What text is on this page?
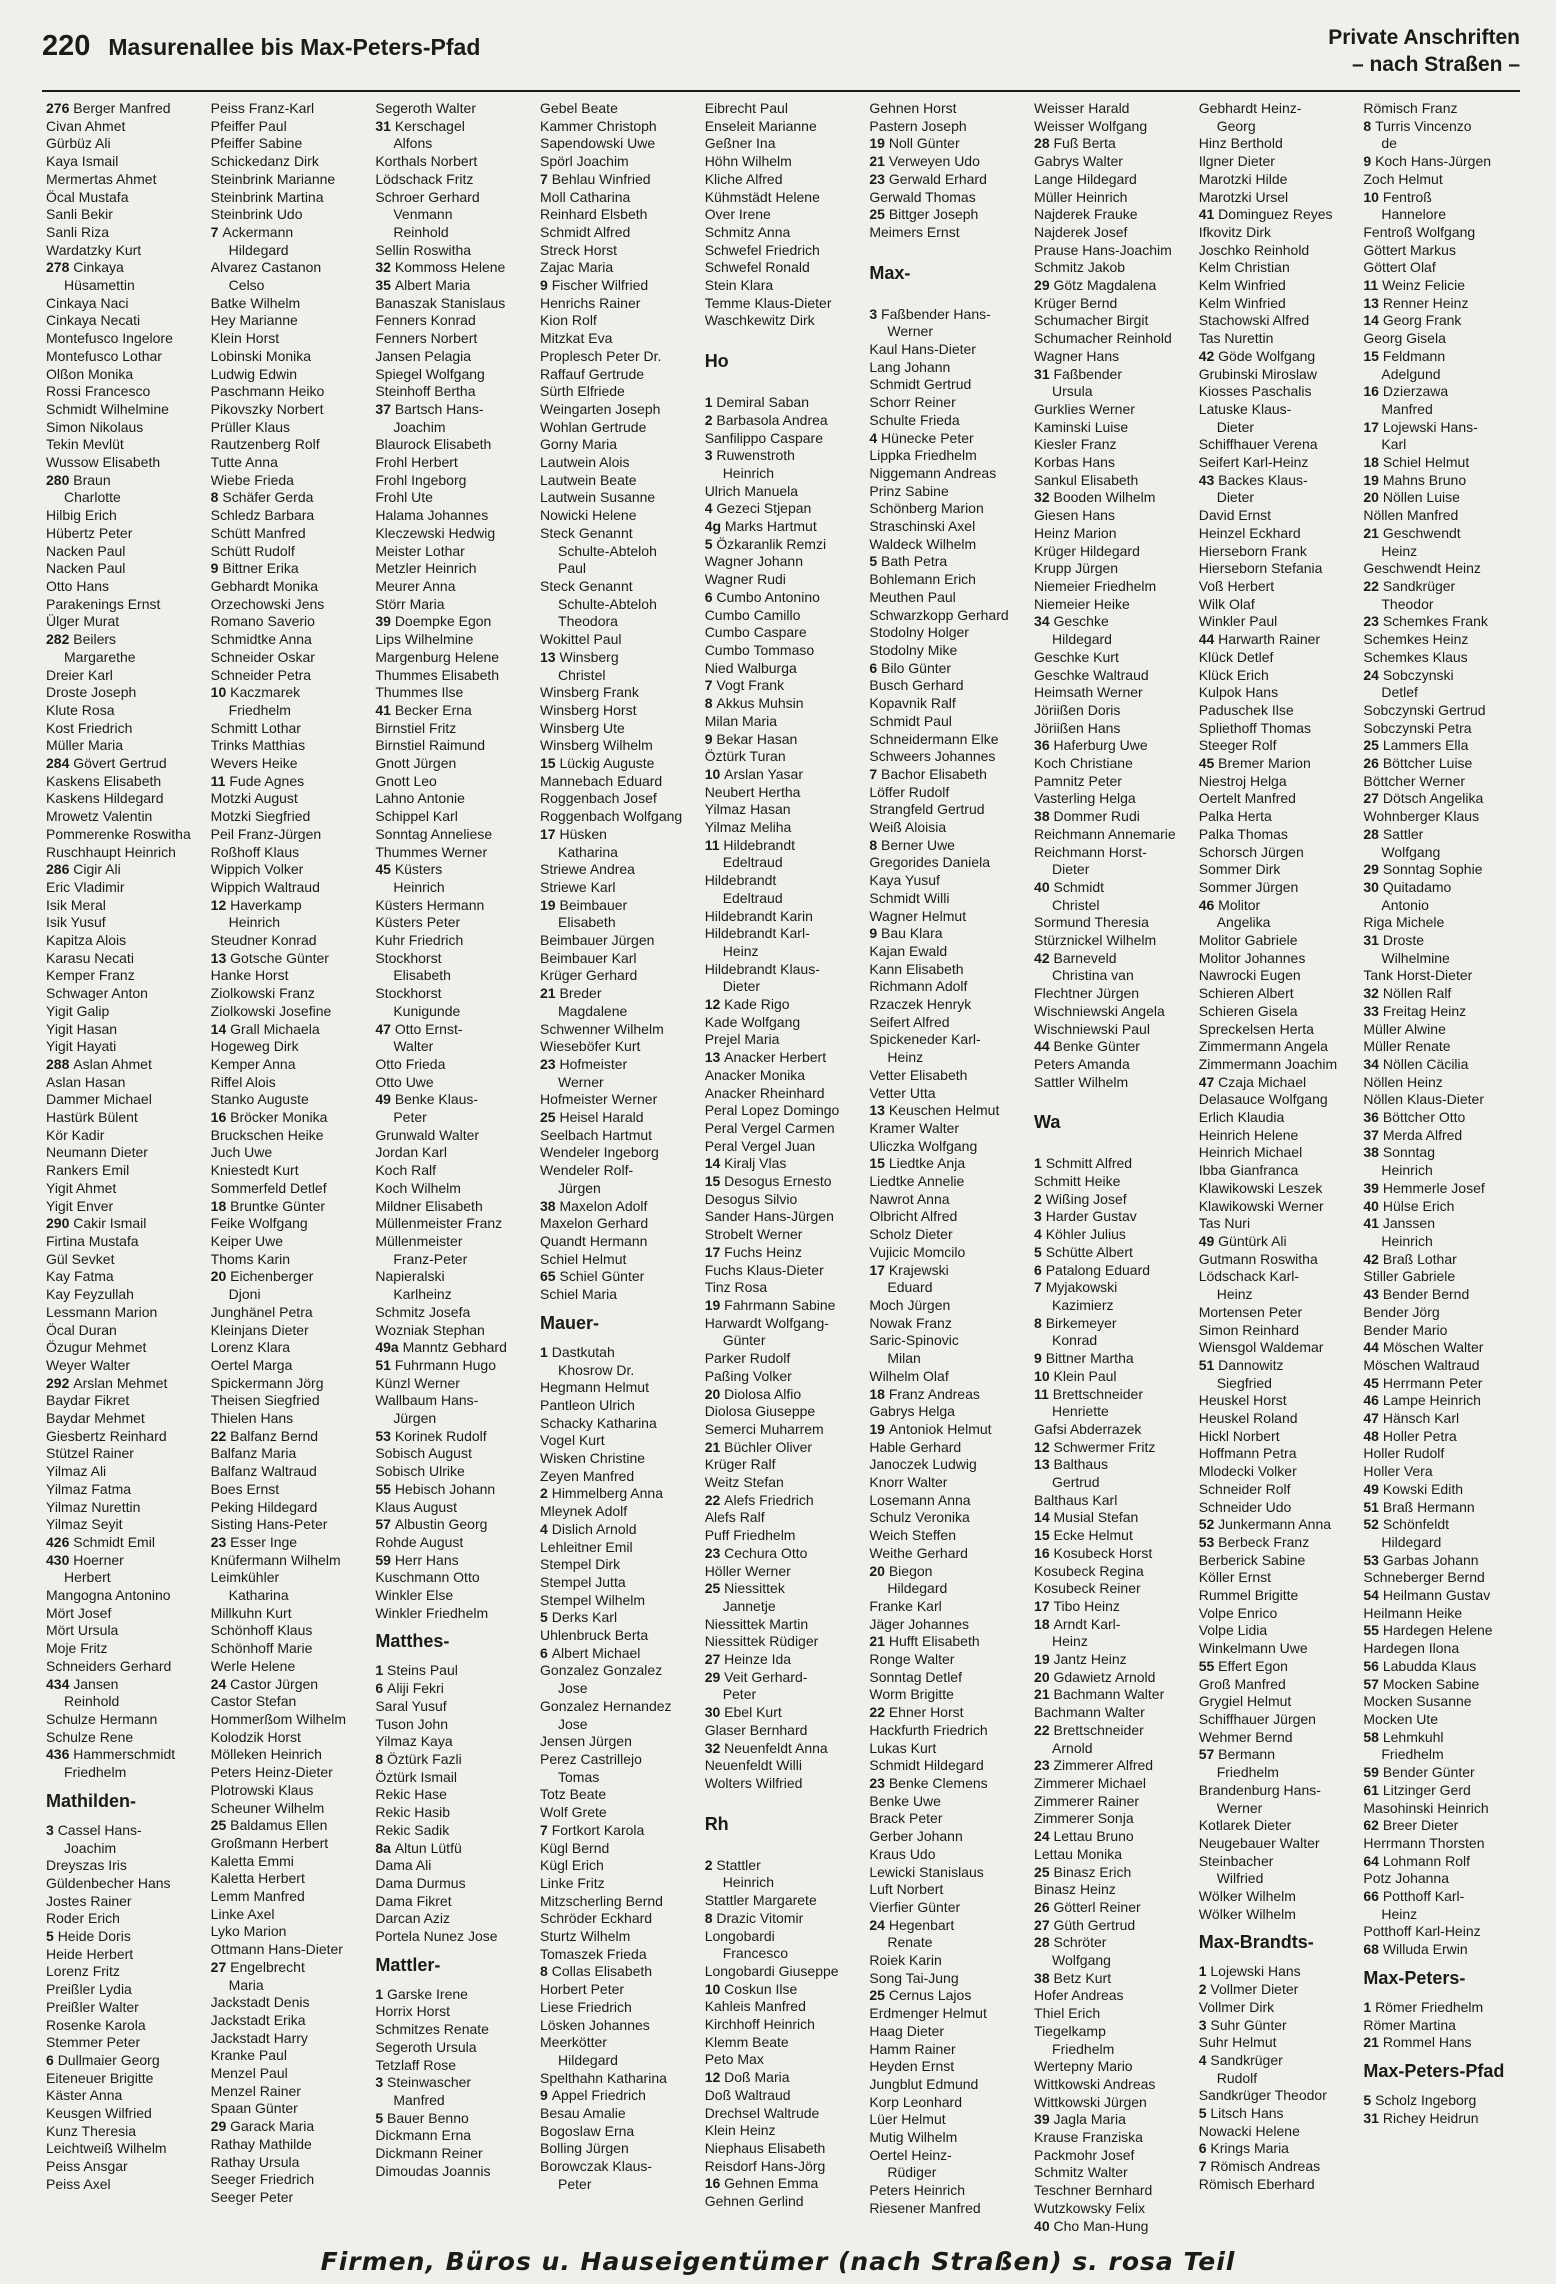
220 Masurenallee bis Max-Peters-Pfad	Private Anschriften
– nach Straßen –
276 Berger Manfred
Civan Ahmet
Gürbüz Ali
Kaya Ismail
Mermertas Ahmet
Öcal Mustafa
Sanli Bekir
Sanli Riza
Wardatzky Kurt
278 Cinkaya
Hüsamettin
Cinkaya Naci
Cinkaya Necati
Montefusco Ingelore
Montefusco Lothar
Olßon Monika
Rossi Francesco
Schmidt Wilhelmine
Simon Nikolaus
Tekin Mevlüt
Wussow Elisabeth
280 Braun
Charlotte
Hilbig Erich
Hübertz Peter
Nacken Paul
Nacken Paul
Otto Hans
Parakenings Ernst
Ülger Murat
282 Beilers
Margarethe
Dreier Karl
Droste Joseph
Klute Rosa
Kost Friedrich
Müller Maria
284 Gövert Gertrud
Kaskens Elisabeth
Kaskens Hildegard
Mrowetz Valentin
Pommerenke Roswitha
Ruschhaupt Heinrich
286 Cigir Ali
Eric Vladimir
Isik Meral
Isik Yusuf
Kapitza Alois
Karasu Necati
Kemper Franz
Schwager Anton
Yigit Galip
Yigit Hasan
Yigit Hayati
288 Aslan Ahmet
Aslan Hasan
Dammer Michael
Hastürk Bülent
Kör Kadir
Neumann Dieter
Rankers Emil
Yigit Ahmet
Yigit Enver
290 Cakir Ismail
Firtina Mustafa
Gül Sevket
Kay Fatma
Kay Feyzullah
Lessmann Marion
Öcal Duran
Özugur Mehmet
Weyer Walter
292 Arslan Mehmet
Baydar Fikret
Baydar Mehmet
Giesbertz Reinhard
Stützel Rainer
Yilmaz Ali
Yilmaz Fatma
Yilmaz Nurettin
Yilmaz Seyit
426 Schmidt Emil
430 Hoerner
Herbert
Mangogna Antonino
Mört Josef
Mört Ursula
Moje Fritz
Schneiders Gerhard
434 Jansen
Reinhold
Schulze Hermann
Schulze Rene
436 Hammerschmidt
Friedhelm
Mathilden-
3 Cassel Hans-
Joachim
Dreyszas Iris
Güldenbecher Hans
Jostes Rainer
Roder Erich
5 Heide Doris
Heide Herbert
Lorenz Fritz
Preißler Lydia
Preißler Walter
Rosenke Karola
Stemmer Peter
6 Dullmaier Georg
Eiteneuer Brigitte
Käster Anna
Keusgen Wilfried
Kunz Theresia
Leichtweiß Wilhelm
Peiss Ansgar
Peiss Axel
Peiss Franz-Karl
Pfeiffer Paul
Pfeiffer Sabine
Schickedanz Dirk
Steinbrink Marianne
Steinbrink Martina
Steinbrink Udo
7 Ackermann
Hildegard
Alvarez Castanon
Celso
Batke Wilhelm
Hey Marianne
Klein Horst
Lobinski Monika
Ludwig Edwin
Paschmann Heiko
Pikovszky Norbert
Prüller Klaus
Rautzenberg Rolf
Tutte Anna
Wiebe Frieda
8 Schäfer Gerda
Schledz Barbara
Schütt Manfred
Schütt Rudolf
9 Bittner Erika
Gebhardt Monika
Orzechowski Jens
Romano Saverio
Schmidtke Anna
Schneider Oskar
Schneider Petra
10 Kaczmarek
Friedhelm
Schmitt Lothar
Trinks Matthias
Wevers Heike
11 Fude Agnes
Motzki August
Motzki Siegfried
Peil Franz-Jürgen
Roßhoff Klaus
Wippich Volker
Wippich Waltraud
12 Haverkamp
Heinrich
Steudner Konrad
13 Gotsche Günter
Hanke Horst
Ziolkowski Franz
Ziolkowski Josefine
14 Grall Michaela
Hogeweg Dirk
Kemper Anna
Riffel Alois
Stanko Auguste
16 Bröcker Monika
Bruckschen Heike
Juch Uwe
Kniestedt Kurt
Sommerfeld Detlef
18 Bruntke Günter
Feike Wolfgang
Keiper Uwe
Thoms Karin
20 Eichenberger
Djoni
Junghänel Petra
Kleinjans Dieter
Lorenz Klara
Oertel Marga
Spickermann Jörg
Theisen Siegfried
Thielen Hans
22 Balfanz Bernd
Balfanz Maria
Balfanz Waltraud
Boes Ernst
Peking Hildegard
Sisting Hans-Peter
23 Esser Inge
Knüfermann Wilhelm
Leimkühler
Katharina
Millkuhn Kurt
Schönhoff Klaus
Schönhoff Marie
Werle Helene
24 Castor Jürgen
Castor Stefan
Hommerßom Wilhelm
Kolodzik Horst
Mölleken Heinrich
Peters Heinz-Dieter
Plotrowski Klaus
Scheuner Wilhelm
25 Baldamus Ellen
Großmann Herbert
Kaletta Emmi
Kaletta Herbert
Lemm Manfred
Linke Axel
Lyko Marion
Ottmann Hans-Dieter
27 Engelbrecht
Maria
Jackstadt Denis
Jackstadt Erika
Jackstadt Harry
Kranke Paul
Menzel Paul
Menzel Rainer
Spaan Günter
29 Garack Maria
Rathay Mathilde
Rathay Ursula
Seeger Friedrich
Seeger Peter
Segeroth Walter
31 Kerschagel
Alfons
Korthals Norbert
Lödschack Fritz
Schroer Gerhard
Venmann
Reinhold
Sellin Roswitha
32 Kommoss Helene
35 Albert Maria
Banaszak Stanislaus
Fenners Konrad
Fenners Norbert
Jansen Pelagia
Spiegel Wolfgang
Steinhoff Bertha
37 Bartsch Hans-
Joachim
Blaurock Elisabeth
Frohl Herbert
Frohl Ingeborg
Frohl Ute
Halama Johannes
Kleczewski Hedwig
Meister Lothar
Metzler Heinrich
Meurer Anna
Störr Maria
39 Doempke Egon
Lips Wilhelmine
Margenburg Helene
Thummes Elisabeth
Thummes Ilse
41 Becker Erna
Birnstiel Fritz
Birnstiel Raimund
Gnott Jürgen
Gnott Leo
Lahno Antonie
Schippel Karl
Sonntag Anneliese
Thummes Werner
45 Küsters
Heinrich
Küsters Hermann
Küsters Peter
Kuhr Friedrich
Stockhorst
Elisabeth
Stockhorst
Kunigunde
47 Otto Ernst-
Walter
Otto Frieda
Otto Uwe
49 Benke Klaus-
Peter
Grunwald Walter
Jordan Karl
Koch Ralf
Koch Wilhelm
Mildner Elisabeth
Müllenmeister Franz
Müllenmeister
Franz-Peter
Napieralski
Karlheinz
Schmitz Josefa
Wozniak Stephan
49a Manntz Gebhard
51 Fuhrmann Hugo
Künzl Werner
Wallbaum Hans-
Jürgen
53 Korinek Rudolf
Sobisch August
Sobisch Ulrike
55 Hebisch Johann
Klaus August
57 Albustin Georg
Rohde August
59 Herr Hans
Kuschmann Otto
Winkler Else
Winkler Friedhelm
Matthes-
1 Steins Paul
6 Aliji Fekri
Saral Yusuf
Tuson John
Yilmaz Kaya
8 Öztürk Fazli
Öztürk Ismail
Rekic Hase
Rekic Hasib
Rekic Sadik
8a Altun Lütfü
Dama Ali
Dama Durmus
Dama Fikret
Darcan Aziz
Portela Nunez Jose
Mattler-
1 Garske Irene
Horrix Horst
Schmitzes Renate
Segeroth Ursula
Tetzlaff Rose
3 Steinwascher
Manfred
5 Bauer Benno
Dickmann Erna
Dickmann Reiner
Dimoudas Joannis
Gebel Beate
Kammer Christoph
Sapendowski Uwe
Spörl Joachim
7 Behlau Winfried
Moll Catharina
Reinhard Elsbeth
Schmidt Alfred
Streck Horst
Zajac Maria
9 Fischer Wilfried
Henrichs Rainer
Kion Rolf
Mitzkat Eva
Proplesch Peter Dr.
Raffauf Gertrude
Sürth Elfriede
Weingarten Joseph
Wohlan Gertrude
Gorny Maria
Lautwein Alois
Lautwein Beate
Lautwein Susanne
Nowicki Helene
Steck Genannt
Schulte-Abteloh
Paul
Steck Genannt
Schulte-Abteloh
Theodora
Wokittel Paul
13 Winsberg
Christel
Winsberg Frank
Winsberg Horst
Winsberg Ute
Winsberg Wilhelm
15 Lückig Auguste
Mannebach Eduard
Roggenbach Josef
Roggenbach Wolfgang
17 Hüsken
Katharina
Striewe Andrea
Striewe Karl
19 Beimbauer
Elisabeth
Beimbauer Jürgen
Beimbauer Karl
Krüger Gerhard
21 Breder
Magdalene
Schwenner Wilhelm
Wieseböfer Kurt
23 Hofmeister
Werner
Hofmeister Werner
25 Heisel Harald
Seelbach Hartmut
Wendeler Ingeborg
Wendeler Rolf-
Jürgen
38 Maxelon Adolf
Maxelon Gerhard
Quandt Hermann
Schiel Helmut
65 Schiel Günter
Schiel Maria
Mauer-
1 Dastkutah
Khosrow Dr.
Hegmann Helmut
Pantleon Ulrich
Schacky Katharina
Vogel Kurt
Wisken Christine
Zeyen Manfred
2 Himmelberg Anna
Mleynek Adolf
4 Dislich Arnold
Lehleitner Emil
Stempel Dirk
Stempel Jutta
Stempel Wilhelm
5 Derks Karl
Uhlenbruck Berta
6 Albert Michael
Gonzalez Gonzalez
Jose
Gonzalez Hernandez
Jose
Jensen Jürgen
Perez Castrillejo
Tomas
Totz Beate
Wolf Grete
7 Fortkort Karola
Kügl Bernd
Kügl Erich
Linke Fritz
Mitzscherling Bernd
Schröder Eckhard
Sturtz Wilhelm
Tomaszek Frieda
8 Collas Elisabeth
Horbert Peter
Liese Friedrich
Lösken Johannes
Meerkötter
Hildegard
Spelthahn Katharina
9 Appel Friedrich
Besau Amalie
Bogoslaw Erna
Bolling Jürgen
Borowczak Klaus-
Peter
Eibrecht Paul
Enseleit Marianne
Geßner Ina
Höhn Wilhelm
Kliche Alfred
Kühmstädt Helene
Over Irene
Schmitz Anna
Schwefel Friedrich
Schwefel Ronald
Stein Klara
Temme Klaus-Dieter
Waschkewitz Dirk
Ho
1 Demiral Saban
2 Barbasola Andrea
Sanfilippo Caspare
3 Ruwenstroth
Heinrich
Ulrich Manuela
4 Gezeci Stjepan
4g Marks Hartmut
5 Özkaranlik Remzi
Wagner Johann
Wagner Rudi
6 Cumbo Antonino
Cumbo Camillo
Cumbo Caspare
Cumbo Tommaso
Nied Walburga
7 Vogt Frank
8 Akkus Muhsin
Milan Maria
9 Bekar Hasan
Öztürk Turan
10 Arslan Yasar
Neubert Hertha
Yilmaz Hasan
Yilmaz Meliha
11 Hildebrandt
Edeltraud
Hildebrandt
Edeltraud
Hildebrandt Karin
Hildebrandt Karl-
Heinz
Hildebrandt Klaus-
Dieter
12 Kade Rigo
Kade Wolfgang
Prejel Maria
13 Anacker Herbert
Anacker Monika
Anacker Rheinhard
Peral Lopez Domingo
Peral Vergel Carmen
Peral Vergel Juan
14 Kiralj Vlas
15 Desogus Ernesto
Desogus Silvio
Sander Hans-Jürgen
Strobelt Werner
17 Fuchs Heinz
Fuchs Klaus-Dieter
Tinz Rosa
19 Fahrmann Sabine
Harwardt Wolfgang-
Günter
Parker Rudolf
Paßing Volker
20 Diolosa Alfio
Diolosa Giuseppe
Semerci Muharrem
21 Büchler Oliver
Krüger Ralf
Weitz Stefan
22 Alefs Friedrich
Alefs Ralf
Puff Friedhelm
23 Cechura Otto
Höller Werner
25 Niessittek
Jannetje
Niessittek Martin
Niessittek Rüdiger
27 Heinze Ida
29 Veit Gerhard-
Peter
30 Ebel Kurt
Glaser Bernhard
32 Neuenfeldt Anna
Neuenfeldt Willi
Wolters Wilfried
Rh
2 Stattler
Heinrich
Stattler Margarete
8 Drazic Vitomir
Longobardi
Francesco
Longobardi Giuseppe
10 Coskun Ilse
Kahleis Manfred
Kirchhoff Heinrich
Klemm Beate
Peto Max
12 Doß Maria
Doß Waltraud
Drechsel Waltrude
Klein Heinz
Niephaus Elisabeth
Reisdorf Hans-Jörg
16 Gehnen Emma
Gehnen Gerlind
Gehnen Horst
Pastern Joseph
19 Noll Günter
21 Verweyen Udo
23 Gerwald Erhard
Gerwald Thomas
25 Bittger Joseph
Meimers Ernst
Max-
3 Faßbender Hans-
Werner
Kaul Hans-Dieter
Lang Johann
Schmidt Gertrud
Schorr Reiner
Schulte Frieda
4 Hünecke Peter
Lippka Friedhelm
Niggemann Andreas
Prinz Sabine
Schönberg Marion
Straschinski Axel
Waldeck Wilhelm
5 Bath Petra
Bohlemann Erich
Meuthen Paul
Schwarzkopp Gerhard
Stodolny Holger
Stodolny Mike
6 Bilo Günter
Busch Gerhard
Kopavnik Ralf
Schmidt Paul
Schneidermann Elke
Schweers Johannes
7 Bachor Elisabeth
Löffer Rudolf
Strangfeld Gertrud
Weiß Aloisia
8 Berner Uwe
Gregorides Daniela
Kaya Yusuf
Schmidt Willi
Wagner Helmut
9 Bau Klara
Kajan Ewald
Kann Elisabeth
Richmann Adolf
Rzaczek Henryk
Seifert Alfred
Spickeneder Karl-
Heinz
Vetter Elisabeth
Vetter Utta
13 Keuschen Helmut
Kramer Walter
Uliczka Wolfgang
15 Liedtke Anja
Liedtke Annelie
Nawrot Anna
Olbricht Alfred
Scholz Dieter
Vujicic Momcilo
17 Krajewski
Eduard
Moch Jürgen
Nowak Franz
Saric-Spinovic
Milan
Wilhelm Olaf
18 Franz Andreas
Gabrys Helga
19 Antoniok Helmut
Hable Gerhard
Janoczek Ludwig
Knorr Walter
Losemann Anna
Schulz Veronika
Weich Steffen
Weithe Gerhard
20 Biegon
Hildegard
Franke Karl
Jäger Johannes
21 Hufft Elisabeth
Ronge Walter
Sonntag Detlef
Worm Brigitte
22 Ehner Horst
Hackfurth Friedrich
Lukas Kurt
Schmidt Hildegard
23 Benke Clemens
Benke Uwe
Brack Peter
Gerber Johann
Kraus Udo
Lewicki Stanislaus
Luft Norbert
Vierfier Günter
24 Hegenbart
Renate
Roiek Karin
Song Tai-Jung
25 Cernus Lajos
Erdmenger Helmut
Haag Dieter
Hamm Rainer
Heyden Ernst
Jungblut Edmund
Korp Leonhard
Lüer Helmut
Mutig Wilhelm
Oertel Heinz-
Rüdiger
Peters Heinrich
Riesener Manfred
Weisser Harald
Weisser Wolfgang
28 Fuß Berta
Gabrys Walter
Lange Hildegard
Müller Heinrich
Najderek Frauke
Najderek Josef
Prause Hans-Joachim
Schmitz Jakob
29 Götz Magdalena
Krüger Bernd
Schumacher Birgit
Schumacher Reinhold
Wagner Hans
31 Faßbender
Ursula
Gurklies Werner
Kaminski Luise
Kiesler Franz
Korbas Hans
Sankul Elisabeth
32 Booden Wilhelm
Giesen Hans
Heinz Marion
Krüger Hildegard
Krupp Jürgen
Niemeier Friedhelm
Niemeier Heike
34 Geschke
Hildegard
Geschke Kurt
Geschke Waltraud
Heimsath Werner
Jöriißen Doris
Jöriißen Hans
36 Haferburg Uwe
Koch Christiane
Pamnitz Peter
Vasterling Helga
38 Dommer Rudi
Reichmann Annemarie
Reichmann Horst-
Dieter
40 Schmidt
Christel
Sormund Theresia
Stürznickel Wilhelm
42 Barneveld
Christina van
Flechtner Jürgen
Wischniewski Angela
Wischniewski Paul
44 Benke Günter
Peters Amanda
Sattler Wilhelm
Wa
1 Schmitt Alfred
Schmitt Heike
2 Wißing Josef
3 Harder Gustav
4 Köhler Julius
5 Schütte Albert
6 Patalong Eduard
7 Myjakowski
Kazimierz
8 Birkemeyer
Konrad
9 Bittner Martha
10 Klein Paul
11 Brettschneider
Henriette
Gafsi Abderrazek
12 Schwermer Fritz
13 Balthaus
Gertrud
Balthaus Karl
14 Musial Stefan
15 Ecke Helmut
16 Kosubeck Horst
Kosubeck Regina
Kosubeck Reiner
17 Tibo Heinz
18 Arndt Karl-
Heinz
19 Jantz Heinz
20 Gdawietz Arnold
21 Bachmann Walter
Bachmann Walter
22 Brettschneider
Arnold
23 Zimmerer Alfred
Zimmerer Michael
Zimmerer Rainer
Zimmerer Sonja
24 Lettau Bruno
Lettau Monika
25 Binasz Erich
Binasz Heinz
26 Götterl Reiner
27 Güth Gertrud
28 Schröter
Wolfgang
38 Betz Kurt
Hofer Andreas
Thiel Erich
Tiegelkamp
Friedhelm
Wertepny Mario
Wittkowski Andreas
Wittkowski Jürgen
39 Jagla Maria
Krause Franziska
Packmohr Josef
Schmitz Walter
Teschner Bernhard
Wutzkowsky Felix
40 Cho Man-Hung
Gebhardt Heinz-
Georg
Hinz Berthold
Ilgner Dieter
Marotzki Hilde
Marotzki Ursel
41 Dominguez Reyes
Ifkovitz Dirk
Joschko Reinhold
Kelm Christian
Kelm Winfried
Kelm Winfried
Stachowski Alfred
Tas Nurettin
42 Göde Wolfgang
Grubinski Miroslaw
Kiosses Paschalis
Latuske Klaus-
Dieter
Schiffhauer Verena
Seifert Karl-Heinz
43 Backes Klaus-
Dieter
David Ernst
Heinzel Eckhard
Hierseborn Frank
Hierseborn Stefania
Voß Herbert
Wilk Olaf
Winkler Paul
44 Harwarth Rainer
Klück Detlef
Klück Erich
Kulpok Hans
Paduschek Ilse
Spliethoff Thomas
Steeger Rolf
45 Bremer Marion
Niestroj Helga
Oertelt Manfred
Palka Herta
Palka Thomas
Schorsch Jürgen
Sommer Dirk
Sommer Jürgen
46 Molitor
Angelika
Molitor Gabriele
Molitor Johannes
Nawrocki Eugen
Schieren Albert
Schieren Gisela
Spreckelsen Herta
Zimmermann Angela
Zimmermann Joachim
47 Czaja Michael
Delasauce Wolfgang
Erlich Klaudia
Heinrich Helene
Heinrich Michael
Ibba Gianfranca
Klawikowski Leszek
Klawikowski Werner
Tas Nuri
49 Güntürk Ali
Gutmann Roswitha
Lödschack Karl-
Heinz
Mortensen Peter
Simon Reinhard
Wiensgol Waldemar
51 Dannowitz
Siegfried
Heuskel Horst
Heuskel Roland
Hickl Norbert
Hoffmann Petra
Mlodecki Volker
Schneider Rolf
Schneider Udo
52 Junkermann Anna
53 Berbeck Franz
Berberick Sabine
Köller Ernst
Rummel Brigitte
Volpe Enrico
Volpe Lidia
Winkelmann Uwe
55 Effert Egon
Groß Manfred
Grygiel Helmut
Schiffhauer Jürgen
Wehmer Bernd
57 Bermann
Friedhelm
Brandenburg Hans-
Werner
Kotlarek Dieter
Neugebauer Walter
Steinbacher
Wilfried
Wölker Wilhelm
Wölker Wilhelm
Max-Brandts-
1 Lojewski Hans
2 Vollmer Dieter
Vollmer Dirk
3 Suhr Günter
Suhr Helmut
4 Sandkrüger
Rudolf
Sandkrüger Theodor
5 Litsch Hans
Nowacki Helene
6 Krings Maria
7 Römisch Andreas
Römisch Eberhard
Römisch Franz
8 Turris Vincenzo
de
9 Koch Hans-Jürgen
Zoch Helmut
10 Fentroß
Hannelore
Fentroß Wolfgang
Göttert Markus
Göttert Olaf
11 Weinz Felicie
13 Renner Heinz
14 Georg Frank
Georg Gisela
15 Feldmann
Adelgund
16 Dzierzawa
Manfred
17 Lojewski Hans-
Karl
18 Schiel Helmut
19 Mahns Bruno
20 Nöllen Luise
Nöllen Manfred
21 Geschwendt
Heinz
Geschwendt Heinz
22 Sandkrüger
Theodor
23 Schemkes Frank
Schemkes Heinz
Schemkes Klaus
24 Sobczynski
Detlef
Sobczynski Gertrud
Sobczynski Petra
25 Lammers Ella
26 Böttcher Luise
Böttcher Werner
27 Dötsch Angelika
Wohnberger Klaus
28 Sattler
Wolfgang
29 Sonntag Sophie
30 Quitadamo
Antonio
Riga Michele
31 Droste
Wilhelmine
Tank Horst-Dieter
32 Nöllen Ralf
33 Freitag Heinz
Müller Alwine
Müller Renate
34 Nöllen Cäcilia
Nöllen Heinz
Nöllen Klaus-Dieter
36 Böttcher Otto
37 Merda Alfred
38 Sonntag
Heinrich
39 Hemmerle Josef
40 Hülse Erich
41 Janssen
Heinrich
42 Braß Lothar
Stiller Gabriele
43 Bender Bernd
Bender Jörg
Bender Mario
44 Möschen Walter
Möschen Waltraud
45 Herrmann Peter
46 Lampe Heinrich
47 Hänsch Karl
48 Holler Petra
Holler Rudolf
Holler Vera
49 Kowski Edith
51 Braß Hermann
52 Schönfeldt
Hildegard
53 Garbas Johann
Schneberger Bernd
54 Heilmann Gustav
Heilmann Heike
55 Hardegen Helene
Hardegen Ilona
56 Labudda Klaus
57 Mocken Sabine
Mocken Susanne
Mocken Ute
58 Lehmkuhl
Friedhelm
59 Bender Günter
61 Litzinger Gerd
Masohinski Heinrich
62 Breer Dieter
Herrmann Thorsten
64 Lohmann Rolf
Potz Johanna
66 Potthoff Karl-
Heinz
Potthoff Karl-Heinz
68 Willuda Erwin
Max-Peters-
1 Römer Friedhelm
Römer Martina
21 Rommel Hans
Max-Peters-Pfad
5 Scholz Ingeborg
31 Richey Heidrun
Firmen, Büros u. Hauseigentümer (nach Straßen) s. rosa Teil
